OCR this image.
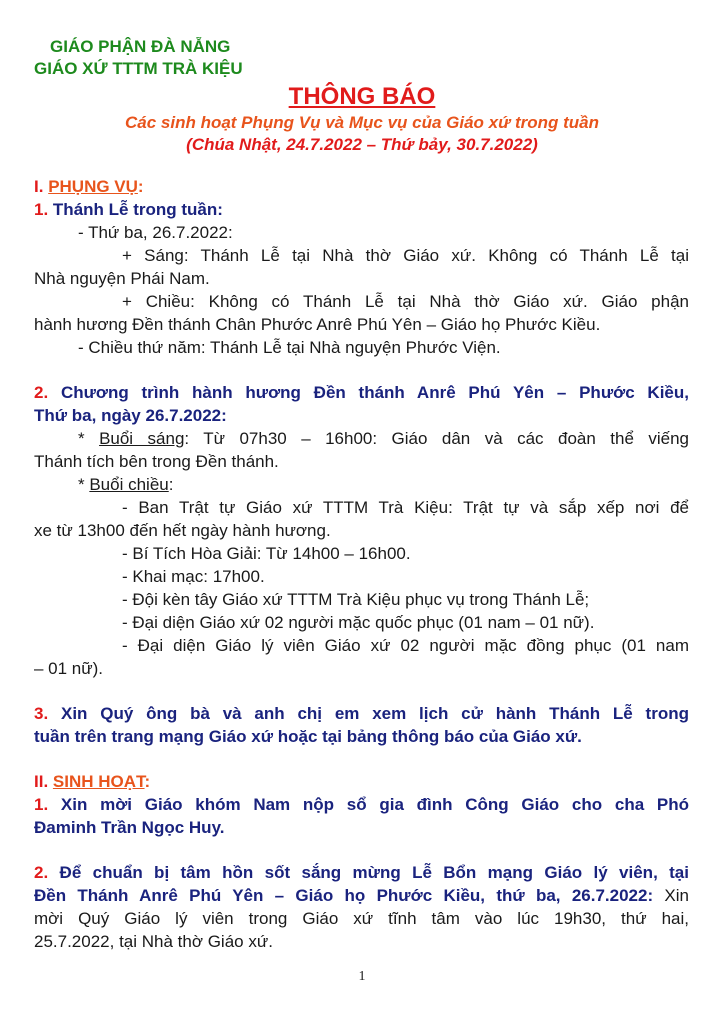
GIÁO PHẬN ĐÀ NẴNG
GIÁO XỨ TTTM TRÀ KIỆU
THÔNG BÁO
Các sinh hoạt Phụng Vụ và Mục vụ của Giáo xứ trong tuần
(Chúa Nhật, 24.7.2022 – Thứ bảy, 30.7.2022)
I. PHỤNG VỤ:
1. Thánh Lễ trong tuần:
- Thứ ba, 26.7.2022:
+ Sáng: Thánh Lễ tại Nhà thờ Giáo xứ. Không có Thánh Lễ tại
Nhà nguyện Phái Nam.
+ Chiều: Không có Thánh Lễ tại Nhà thờ Giáo xứ. Giáo phận
hành hương Đền thánh Chân Phước Anrê Phú Yên – Giáo họ Phước Kiều.
- Chiều thứ năm: Thánh Lễ tại Nhà nguyện Phước Viện.
2. Chương trình hành hương Đền thánh Anrê Phú Yên – Phước Kiều,
Thứ ba, ngày 26.7.2022:
* Buổi sáng: Từ 07h30 – 16h00: Giáo dân và các đoàn thể viếng
Thánh tích bên trong Đền thánh.
* Buổi chiều:
- Ban Trật tự Giáo xứ TTTM Trà Kiệu: Trật tự và sắp xếp nơi để
xe từ 13h00 đến hết ngày hành hương.
- Bí Tích Hòa Giải: Từ 14h00 – 16h00.
- Khai mạc: 17h00.
- Đội kèn tây Giáo xứ TTTM Trà Kiệu phục vụ trong Thánh Lễ;
- Đại diện Giáo xứ 02 người mặc quốc phục (01 nam – 01 nữ).
- Đại diện Giáo lý viên Giáo xứ 02 người mặc đồng phục (01 nam
– 01 nữ).
3. Xin Quý ông bà và anh chị em xem lịch cử hành Thánh Lễ trong
tuần trên trang mạng Giáo xứ hoặc tại bảng thông báo của Giáo xứ.
II. SINH HOẠT:
1. Xin mời Giáo khóm Nam nộp sổ gia đình Công Giáo cho cha Phó
Đaminh Trần Ngọc Huy.
2. Để chuẩn bị tâm hồn sốt sắng mừng Lễ Bổn mạng Giáo lý viên, tại
Đền Thánh Anrê Phú Yên – Giáo họ Phước Kiều, thứ ba, 26.7.2022: Xin
mời Quý Giáo lý viên trong Giáo xứ tĩnh tâm vào lúc 19h30, thứ hai,
25.7.2022, tại Nhà thờ Giáo xứ.
1
